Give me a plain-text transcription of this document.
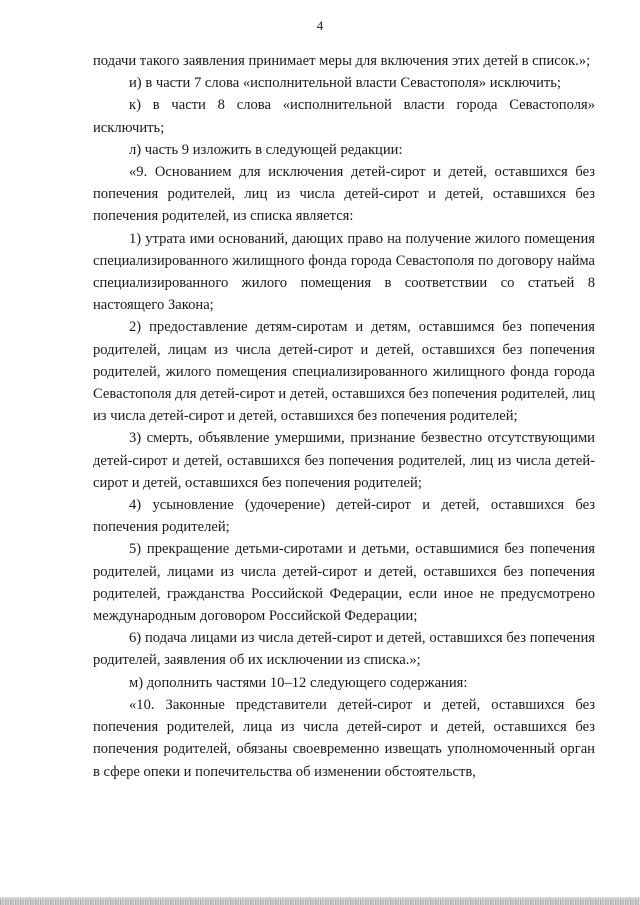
4

подачи такого заявления принимает меры для включения этих детей в список.»;

и) в части 7 слова «исполнительной власти Севастополя» исключить;

к) в части 8 слова «исполнительной власти города Севастополя» исключить;

л) часть 9 изложить в следующей редакции:

«9. Основанием для исключения детей-сирот и детей, оставшихся без попечения родителей, лиц из числа детей-сирот и детей, оставшихся без попечения родителей, из списка является:

1) утрата ими оснований, дающих право на получение жилого помещения специализированного жилищного фонда города Севастополя по договору найма специализированного жилого помещения в соответствии со статьей 8 настоящего Закона;

2) предоставление детям-сиротам и детям, оставшимся без попечения родителей, лицам из числа детей-сирот и детей, оставшихся без попечения родителей, жилого помещения специализированного жилищного фонда города Севастополя для детей-сирот и детей, оставшихся без попечения родителей, лиц из числа детей-сирот и детей, оставшихся без попечения родителей;

3) смерть, объявление умершими, признание безвестно отсутствующими детей-сирот и детей, оставшихся без попечения родителей, лиц из числа детей-сирот и детей, оставшихся без попечения родителей;

4) усыновление (удочерение) детей-сирот и детей, оставшихся без попечения родителей;

5) прекращение детьми-сиротами и детьми, оставшимися без попечения родителей, лицами из числа детей-сирот и детей, оставшихся без попечения родителей, гражданства Российской Федерации, если иное не предусмотрено международным договором Российской Федерации;

6) подача лицами из числа детей-сирот и детей, оставшихся без попечения родителей, заявления об их исключении из списка.»;

м) дополнить частями 10–12 следующего содержания:

«10. Законные представители детей-сирот и детей, оставшихся без попечения родителей, лица из числа детей-сирот и детей, оставшихся без попечения родителей, обязаны своевременно извещать уполномоченный орган в сфере опеки и попечительства об изменении обстоятельств,
